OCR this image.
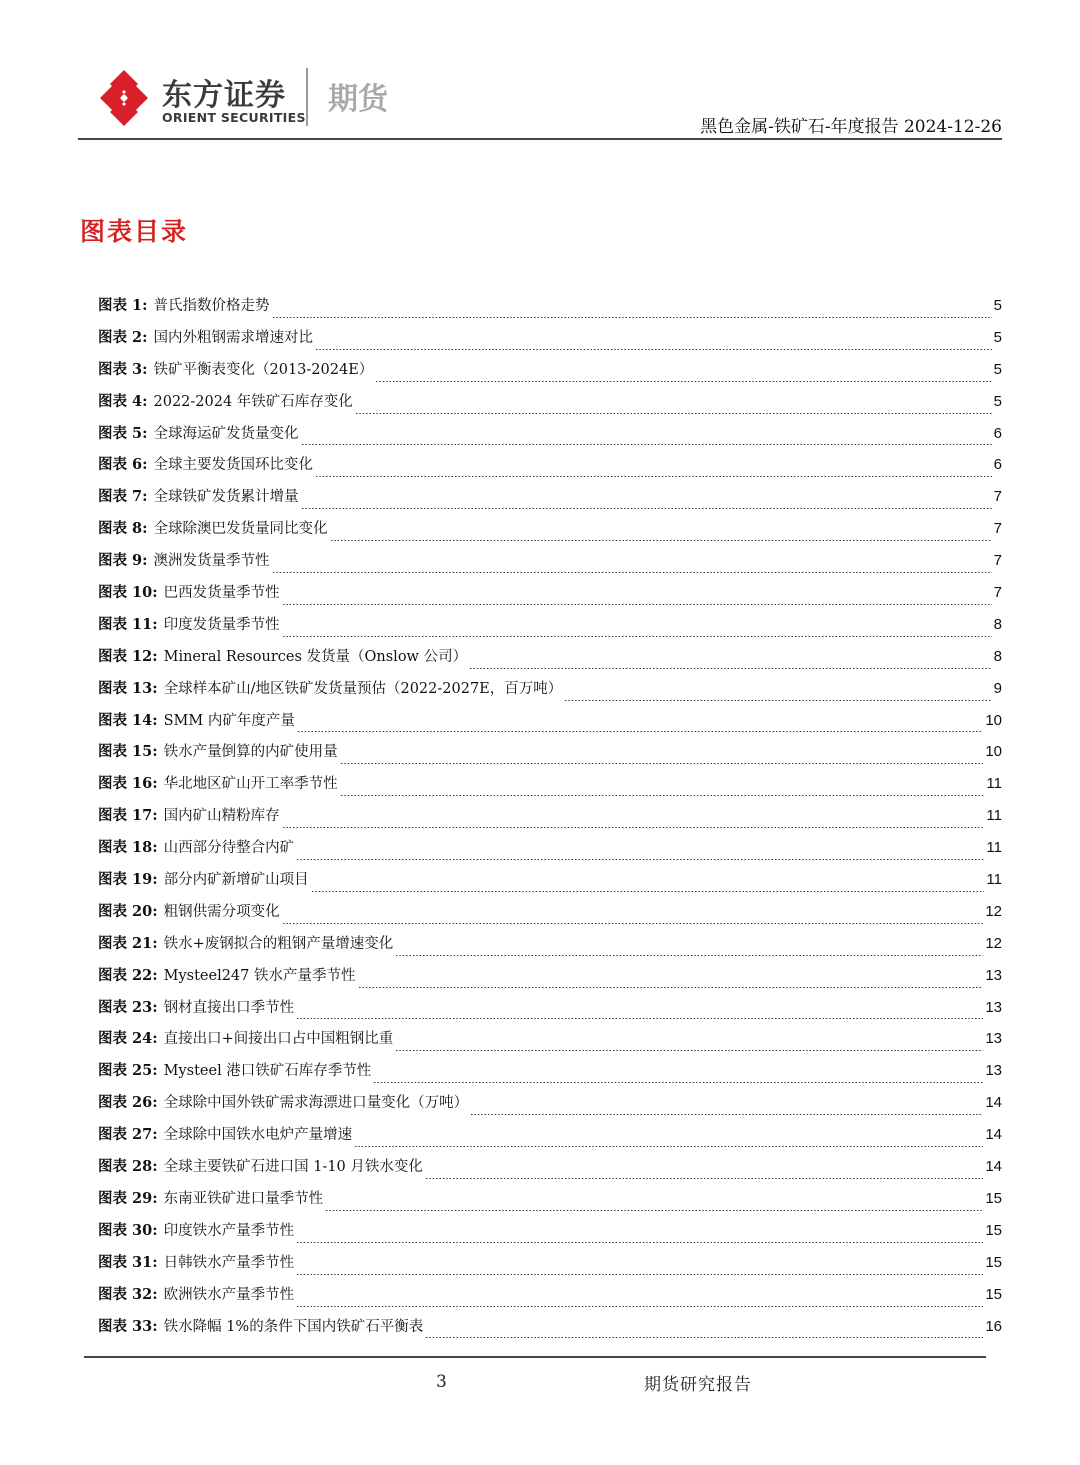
东方证券
ORIENT SECURITIES
期货
黑色金属-铁矿石-年度报告 2024-12-26
图表目录
图表 1: 普氏指数价格走势	5
图表 2: 国内外粗钢需求增速对比	5
图表 3: 铁矿平衡表变化（2013-2024E）	5
图表 4: 2022-2024 年铁矿石库存变化	5
图表 5: 全球海运矿发货量变化	6
图表 6: 全球主要发货国环比变化	6
图表 7: 全球铁矿发货累计增量	7
图表 8: 全球除澳巴发货量同比变化	7
图表 9: 澳洲发货量季节性	7
图表 10: 巴西发货量季节性	7
图表 11: 印度发货量季节性	8
图表 12: Mineral Resources 发货量（Onslow 公司）	8
图表 13: 全球样本矿山/地区铁矿发货量预估（2022-2027E，百万吨）	9
图表 14: SMM 内矿年度产量	10
图表 15: 铁水产量倒算的内矿使用量	10
图表 16: 华北地区矿山开工率季节性	11
图表 17: 国内矿山精粉库存	11
图表 18: 山西部分待整合内矿	11
图表 19: 部分内矿新增矿山项目	11
图表 20: 粗钢供需分项变化	12
图表 21: 铁水+废钢拟合的粗钢产量增速变化	12
图表 22: Mysteel247 铁水产量季节性	13
图表 23: 钢材直接出口季节性	13
图表 24: 直接出口+间接出口占中国粗钢比重	13
图表 25: Mysteel 港口铁矿石库存季节性	13
图表 26: 全球除中国外铁矿需求海漂进口量变化（万吨）	14
图表 27: 全球除中国铁水电炉产量增速	14
图表 28: 全球主要铁矿石进口国 1-10 月铁水变化	14
图表 29: 东南亚铁矿进口量季节性	15
图表 30: 印度铁水产量季节性	15
图表 31: 日韩铁水产量季节性	15
图表 32: 欧洲铁水产量季节性	15
图表 33: 铁水降幅 1%的条件下国内铁矿石平衡表	16
3	期货研究报告
